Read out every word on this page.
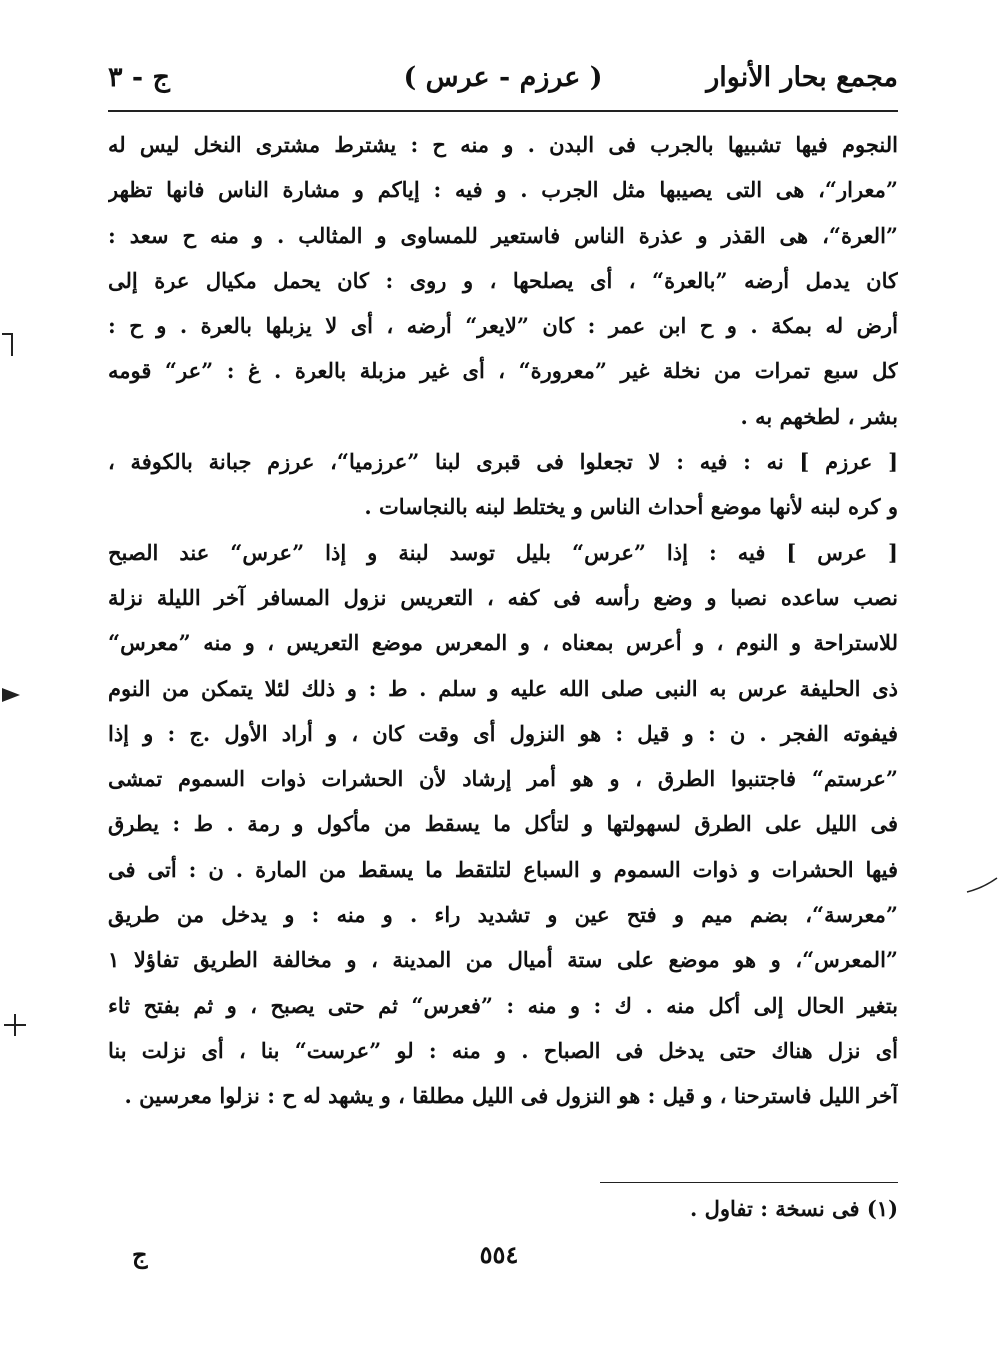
مجمع بحار الأنوار
( عرزم - عرس )
ج - ٣
النجوم فيها تشبيها بالجرب فى البدن . و منه ح : يشترط مشترى النخل ليس له
”معرار“، هى التى يصيبها مثل الجرب . و فيه : إياكم و مشارة الناس فانها تظهر
”العرة“، هى القذر و عذرة الناس فاستعير للمساوى و المثالب . و منه ح سعد :
كان يدمل أرضه ”بالعرة“ ، أى يصلحها ، و روى : كان يحمل مكيال عرة إلى
أرض له بمكة . و ح ابن عمر : كان ”لايعر“ أرضه ، أى لا يزبلها بالعرة . و ح :
كل سبع تمرات من نخلة غير ”معرورة“ ، أى غير مزبلة بالعرة . غ : ”عر“ قومه
بشر ، لطخهم به .
[ عرزم ] نه : فيه : لا تجعلوا فى قبرى لبنا ”عرزميا“، عرزم جبانة بالكوفة ،
و كره لبنه لأنها موضع أحداث الناس و يختلط لبنه بالنجاسات .
[ عرس ] فيه : إذا ”عرس“ بليل توسد لبنة و إذا ”عرس“ عند الصبح
نصب ساعده نصبا و وضع رأسه فى كفه ، التعريس نزول المسافر آخر الليلة نزلة
للاستراحة و النوم ، و أعرس بمعناه ، و المعرس موضع التعريس ، و منه ”معرس“
ذى الحليفة عرس به النبى صلى الله عليه و سلم . ط : و ذلك لئلا يتمكن من النوم
فيفوته الفجر . ن : و قيل : هو النزول أى وقت كان ، و أراد الأول .ج : و إذا
”عرستم“ فاجتنبوا الطرق ، و هو أمر إرشاد لأن الحشرات ذوات السموم تمشى
فى الليل على الطرق لسهولتها و لتأكل ما يسقط من مأكول و رمة . ط : يطرق
فيها الحشرات و ذوات السموم و السباع لتلتقط ما يسقط من المارة . ن : أتى فى
”معرسة“، بضم ميم و فتح عين و تشديد راء . و منه : و يدخل من طريق
”المعرس“، و هو موضع على ستة أميال من المدينة ، و مخالفة الطريق تفاؤلا ١
بتغير الحال إلى أكل منه . ك : و منه : ”فعرس“ ثم حتى يصبح ، و ثم بفتح ثاء
أى نزل هناك حتى يدخل فى الصباح . و منه : لو ”عرست“ بنا ، أى نزلت بنا
آخر الليل فاسترحنا ، و قيل : هو النزول فى الليل مطلقا ، و يشهد له ح : نزلوا معرسين .
(١) فى نسخة : تفاول .
٥٥٤
ج
